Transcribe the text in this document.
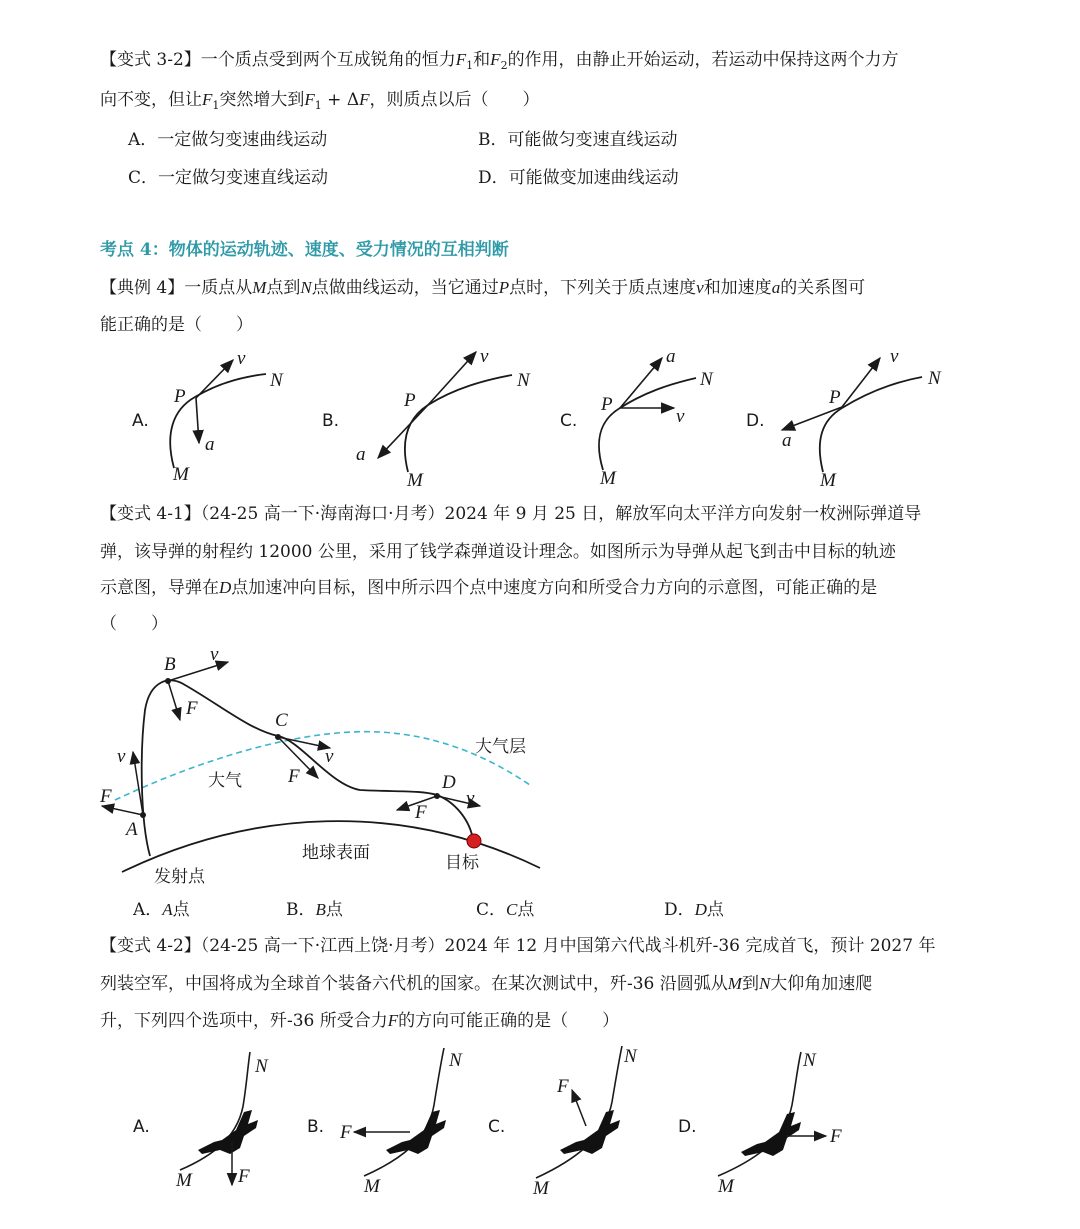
【变式 3-2】一个质点受到两个互成锐角的恒力$F_1$和$F_2$的作用，由静止开始运动，若运动中保持这两个力方
向不变，但让$F_1$突然增大到$F_1 + \Delta F$，则质点以后（　　）
A．一定做匀变速曲线运动	B．可能做匀变速直线运动
C．一定做匀变速直线运动	D．可能做变加速曲线运动
考点 4：物体的运动轨迹、速度、受力情况的互相判断
【典例 4】一质点从M点到N点做曲线运动，当它通过P点时，下列关于质点速度v和加速度a的关系图可
能正确的是（　　）
A.
P
N
M
v
a
B.
P
N
M
v
a
C.
P
N
M
a
v	D.
P
N
M
v
a
【变式 4-1】（24-25 高一下·海南海口·月考）2024 年 9 月 25 日，解放军向太平洋方向发射一枚洲际弹道导
弹，该导弹的射程约 12000 公里，采用了钱学森弹道设计理念。如图所示为导弹从起飞到击中目标的轨迹
示意图，导弹在D点加速冲向目标，图中所示四个点中速度方向和所受合力方向的示意图，可能正确的是
（　　）
B v
F
C
v
F	D
v
F
v
F
A
大气层
大气
地球表面
发射点
目标
A．A点	B．B点	C．C点	D．D点
【变式 4-2】（24-25 高一下·江西上饶·月考）2024 年 12 月中国第六代战斗机歼-36 完成首飞，预计 2027 年
列装空军，中国将成为全球首个装备六代机的国家。在某次测试中，歼-36 沿圆弧从M到N大仰角加速爬
升，下列四个选项中，歼-36 所受合力F的方向可能正确的是（　　）
A.
N
M F
B.
N
M
F	C.
N
M
F
D.
N
M
F
